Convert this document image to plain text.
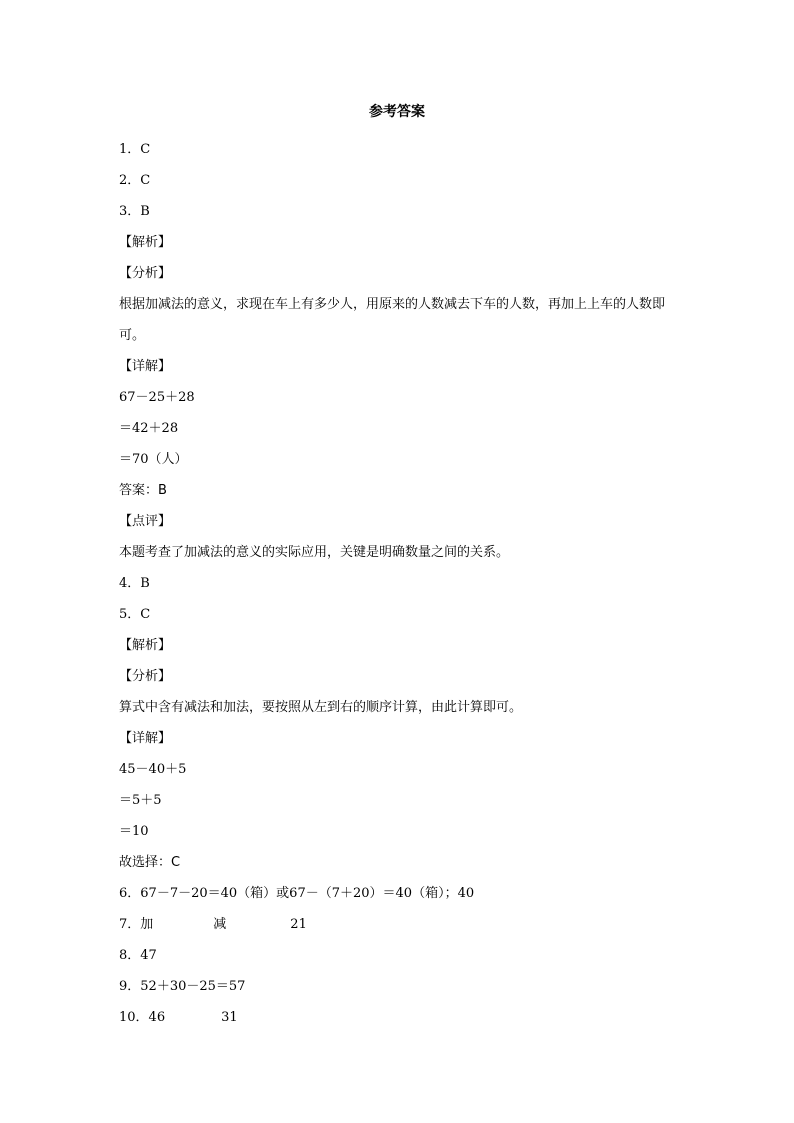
参考答案
1．C
2．C
3．B
【解析】
【分析】
根据加减法的意义，求现在车上有多少人，用原来的人数减去下车的人数，再加上上车的人数即可。
【详解】
67－25＋28
＝42＋28
＝70（人）
答案：B
【点评】
本题考查了加减法的意义的实际应用，关键是明确数量之间的关系。
4．B
5．C
【解析】
【分析】
算式中含有减法和加法，要按照从左到右的顺序计算，由此计算即可。
【详解】
45－40＋5
＝5＋5
＝10
故选择：C
6．67－7－20＝40（箱）或67－（7＋20）＝40（箱）；40
7．加	减	21
8．47
9．52＋30－25＝57
10．46	31
